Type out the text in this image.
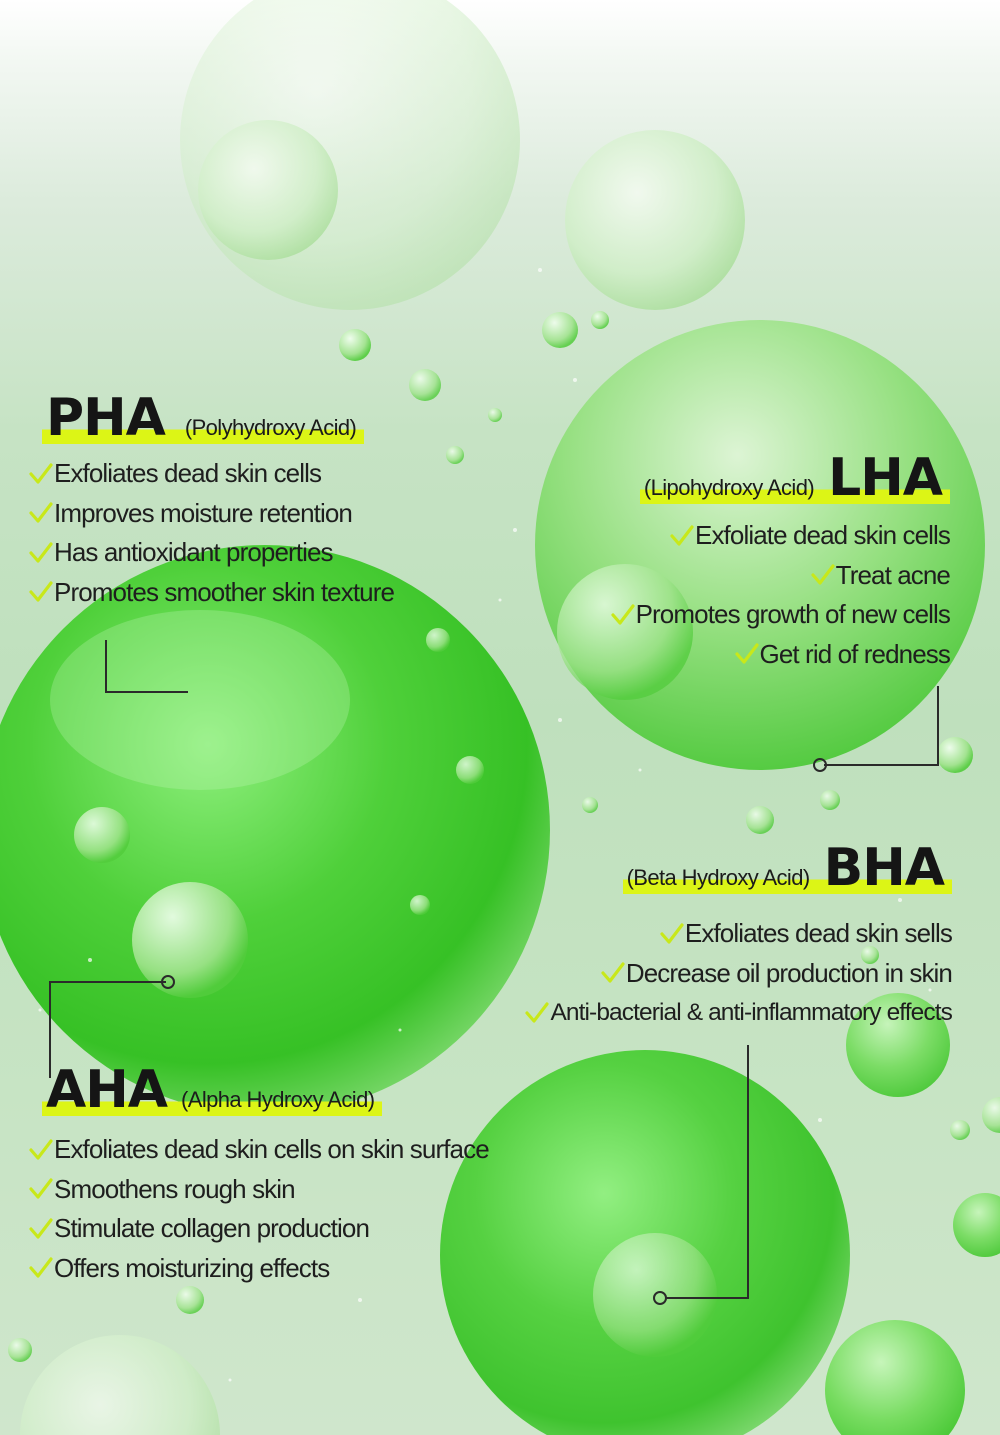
PHA (Polyhydroxy Acid)
Exfoliates dead skin cells
Improves moisture retention
Has antioxidant properties
Promotes smoother skin texture
(Lipohydroxy Acid) LHA
Exfoliate dead skin cells
Treat acne
Promotes growth of new cells
Get rid of redness
(Beta Hydroxy Acid) BHA
Exfoliates dead skin sells
Decrease oil production in skin
Anti-bacterial & anti-inflammatory effects
AHA (Alpha Hydroxy Acid)
Exfoliates dead skin cells on skin surface
Smoothens rough skin
Stimulate collagen production
Offers moisturizing effects
